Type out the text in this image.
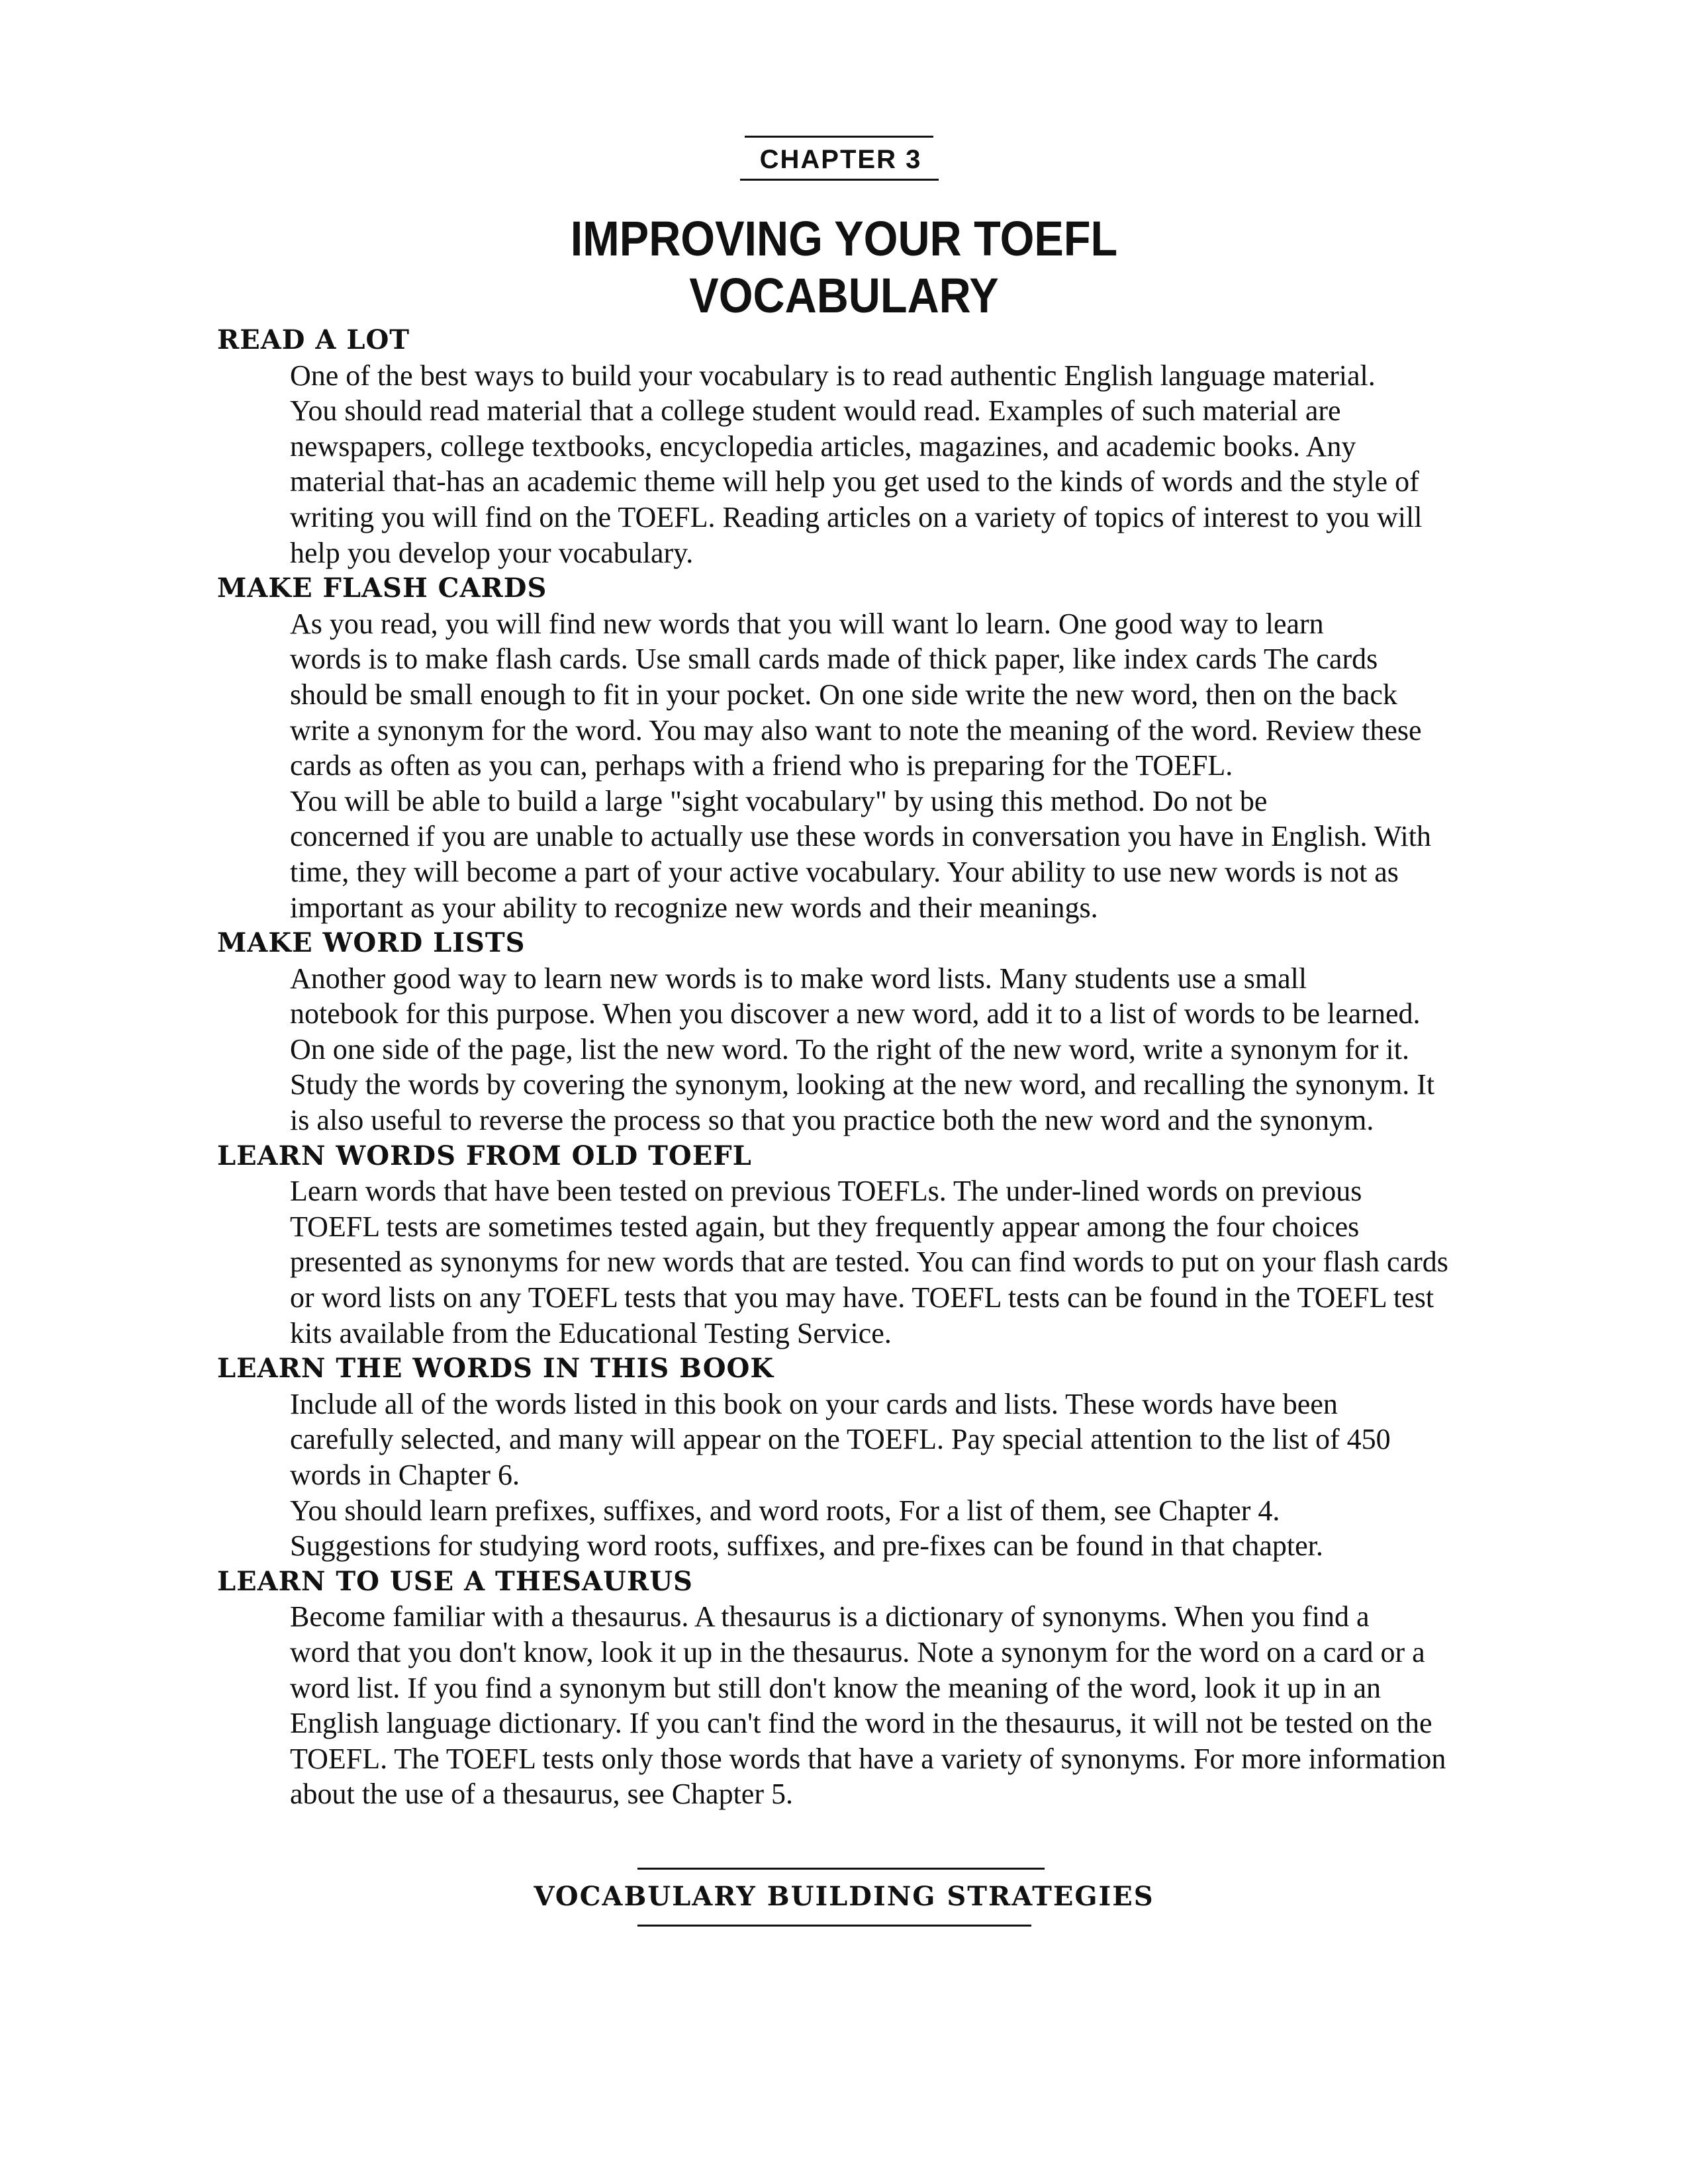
CHAPTER 3
IMPROVING YOUR TOEFL
VOCABULARY
READ A LOT

One of the best ways to build your vocabulary is to read authentic English language material.
You should read material that a college student would read. Examples of such material are
newspapers, college textbooks, encyclopedia articles, magazines, and academic books. Any
material that-has an academic theme will help you get used to the kinds of words and the style of
writing you will find on the TOEFL. Reading articles on a variety of topics of interest to you will
help you develop your vocabulary.

MAKE FLASH CARDS

As you read, you will find new words that you will want lo learn. One good way to learn
words is to make flash cards. Use small cards made of thick paper, like index cards The cards
should be small enough to fit in your pocket. On one side write the new word, then on the back
write a synonym for the word. You may also want to note the meaning of the word. Review these
cards as often as you can, perhaps with a friend who is preparing for the TOEFL.

You will be able to build a large "sight vocabulary" by using this method. Do not be
concerned if you are unable to actually use these words in conversation you have in English. With
time, they will become a part of your active vocabulary. Your ability to use new words is not as
important as your ability to recognize new words and their meanings.

MAKE WORD LISTS

Another good way to learn new words is to make word lists. Many students use a small
notebook for this purpose. When you discover a new word, add it to a list of words to be learned.
On one side of the page, list the new word. To the right of the new word, write a synonym for it.
Study the words by covering the synonym, looking at the new word, and recalling the synonym. It
is also useful to reverse the process so that you practice both the new word and the synonym.

LEARN WORDS FROM OLD TOEFL

Learn words that have been tested on previous TOEFLs. The under-lined words on previous
TOEFL tests are sometimes tested again, but they frequently appear among the four choices
presented as synonyms for new words that are tested. You can find words to put on your flash cards
or word lists on any TOEFL tests that you may have. TOEFL tests can be found in the TOEFL test
kits available from the Educational Testing Service.

LEARN THE WORDS IN THIS BOOK

Include all of the words listed in this book on your cards and lists. These words have been
carefully selected, and many will appear on the TOEFL. Pay special attention to the list of 450
words in Chapter 6.

You should learn prefixes, suffixes, and word roots, For a list of them, see Chapter 4.
Suggestions for studying word roots, suffixes, and pre-fixes can be found in that chapter.

LEARN TO USE A THESAURUS

Become familiar with a thesaurus. A thesaurus is a dictionary of synonyms. When you find a
word that you don't know, look it up in the thesaurus. Note a synonym for the word on a card or a
word list. If you find a synonym but still don't know the meaning of the word, look it up in an
English language dictionary. If you can't find the word in the thesaurus, it will not be tested on the
TOEFL. The TOEFL tests only those words that have a variety of synonyms. For more information
about the use of a thesaurus, see Chapter 5.

VOCABULARY BUILDING STRATEGIES
